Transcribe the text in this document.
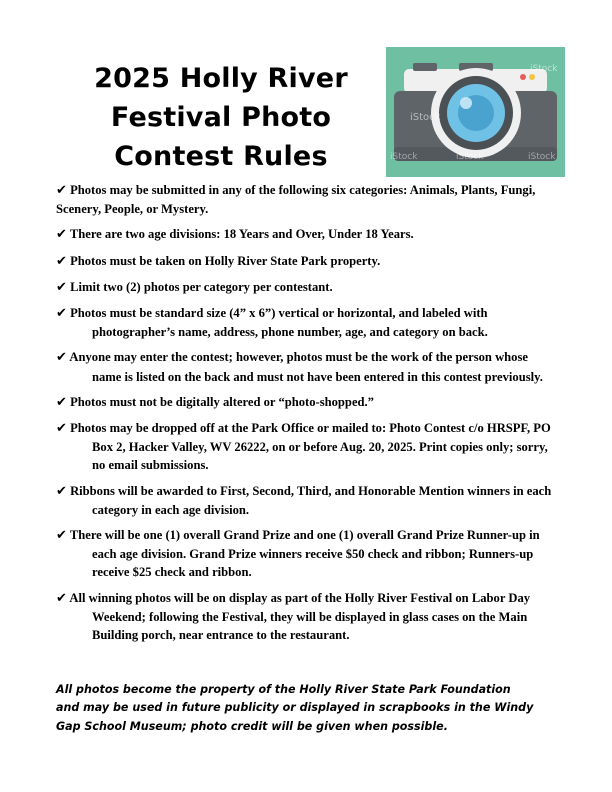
2025 Holly River
Festival Photo
Contest Rules
iStock
iStock
iStock	iStock	iStock

✔ Photos may be submitted in any of the following six categories: Animals, Plants, Fungi, Scenery, People, or Mystery.

✔ There are two age divisions: 18 Years and Over, Under 18 Years.

✔ Photos must be taken on Holly River State Park property.

✔ Limit two (2) photos per category per contestant.

✔ Photos must be standard size (4” x 6”) vertical or horizontal, and labeled with photographer’s name, address, phone number, age, and category on back.

✔ Anyone may enter the contest; however, photos must be the work of the person whose name is listed on the back and must not have been entered in this contest previously.

✔ Photos must not be digitally altered or “photo-shopped.”

✔ Photos may be dropped off at the Park Office or mailed to: Photo Contest c/o HRSPF, PO Box 2, Hacker Valley, WV 26222, on or before Aug. 20, 2025. Print copies only; sorry, no email submissions.

✔ Ribbons will be awarded to First, Second, Third, and Honorable Mention winners in each category in each age division.

✔ There will be one (1) overall Grand Prize and one (1) overall Grand Prize Runner-up in each age division. Grand Prize winners receive $50 check and ribbon; Runners-up receive $25 check and ribbon.

✔ All winning photos will be on display as part of the Holly River Festival on Labor Day Weekend; following the Festival, they will be displayed in glass cases on the Main Building porch, near entrance to the restaurant.

All photos become the property of the Holly River State Park Foundation
and may be used in future publicity or displayed in scrapbooks in the Windy
Gap School Museum; photo credit will be given when possible.
